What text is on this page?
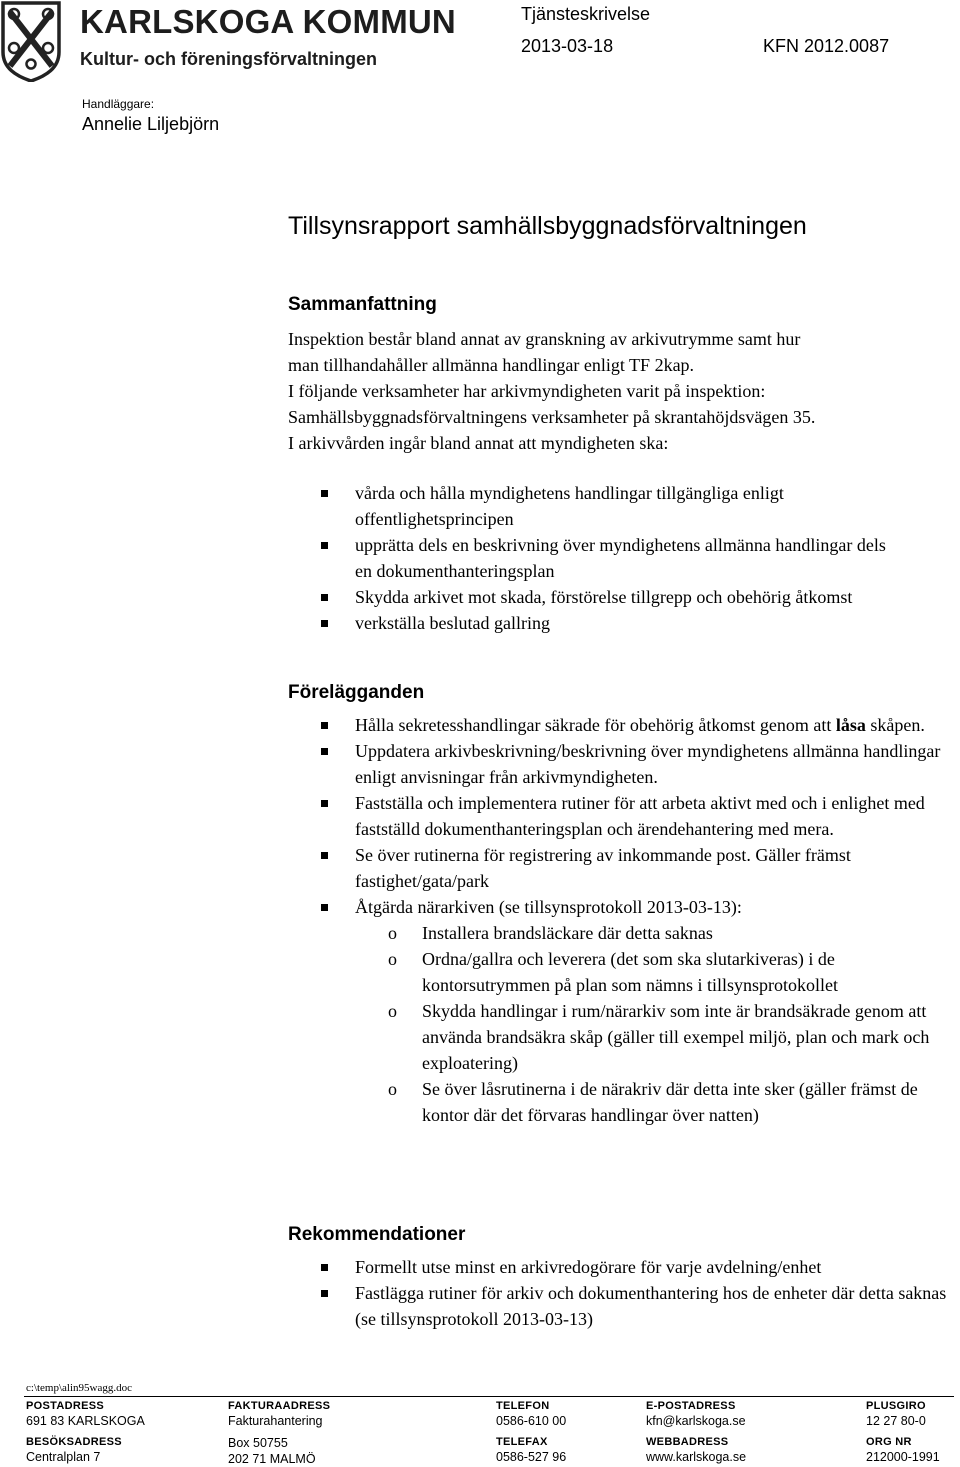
KARLSKOGA KOMMUN
Kultur- och föreningsförvaltningen
Tjänsteskrivelse
2013-03-18	KFN 2012.0087
Handläggare:
Annelie Liljebjörn
Tillsynsrapport samhällsbyggnadsförvaltningen
Sammanfattning

Inspektion består bland annat av granskning av arkivutrymme samt hur

man tillhandahåller allmänna handlingar enligt TF 2kap.

I följande verksamheter har arkivmyndigheten varit på inspektion:

Samhällsbyggnadsförvaltningens verksamheter på skrantahöjdsvägen 35.

I arkivvården ingår bland annat att myndigheten ska:

vårda och hålla myndighetens handlingar tillgängliga enligt offentlighetsprincipen
upprätta dels en beskrivning över myndighetens allmänna handlingar dels en dokumenthanteringsplan
Skydda arkivet mot skada, förstörelse tillgrepp och obehörig åtkomst
verkställa beslutad gallring
Förelägganden
Hålla sekretesshandlingar säkrade för obehörig åtkomst genom att låsa skåpen.
Uppdatera arkivbeskrivning/beskrivning över myndighetens allmänna handlingar enligt anvisningar från arkivmyndigheten.
Fastställa och implementera rutiner för att arbeta aktivt med och i enlighet med fastställd dokumenthanteringsplan och ärendehantering med mera.
Se över rutinerna för registrering av inkommande post. Gäller främst fastighet/gata/park
Åtgärda närarkiven (se tillsynsprotokoll 2013-03-13):
o Installera brandsläckare där detta saknas
o Ordna/gallra och leverera (det som ska slutarkiveras) i de kontorsutrymmen på plan som nämns i tillsynsprotokollet
o Skydda handlingar i rum/närarkiv som inte är brandsäkrade genom att använda brandsäkra skåp (gäller till exempel miljö, plan och mark och exploatering)
o Se över låsrutinerna i de närakriv där detta inte sker (gäller främst de kontor där det förvaras handlingar över natten)
Rekommendationer
Formellt utse minst en arkivredogörare för varje avdelning/enhet
Fastlägga rutiner för arkiv och dokumenthantering hos de enheter där detta saknas (se tillsynsprotokoll 2013-03-13)
c:\temp\alin95wagg.doc
POSTADRESS
691 83 KARLSKOGA
BESÖKSADRESS
Centralplan 7
FAKTURAADRESS
Fakturahantering
Box 50755
202 71 MALMÖ
TELEFON
0586-610 00
TELEFAX
0586-527 96
E-POSTADRESS
kfn@karlskoga.se
WEBBADRESS
www.karlskoga.se
PLUSGIRO
12 27 80-0
ORG NR
212000-1991
